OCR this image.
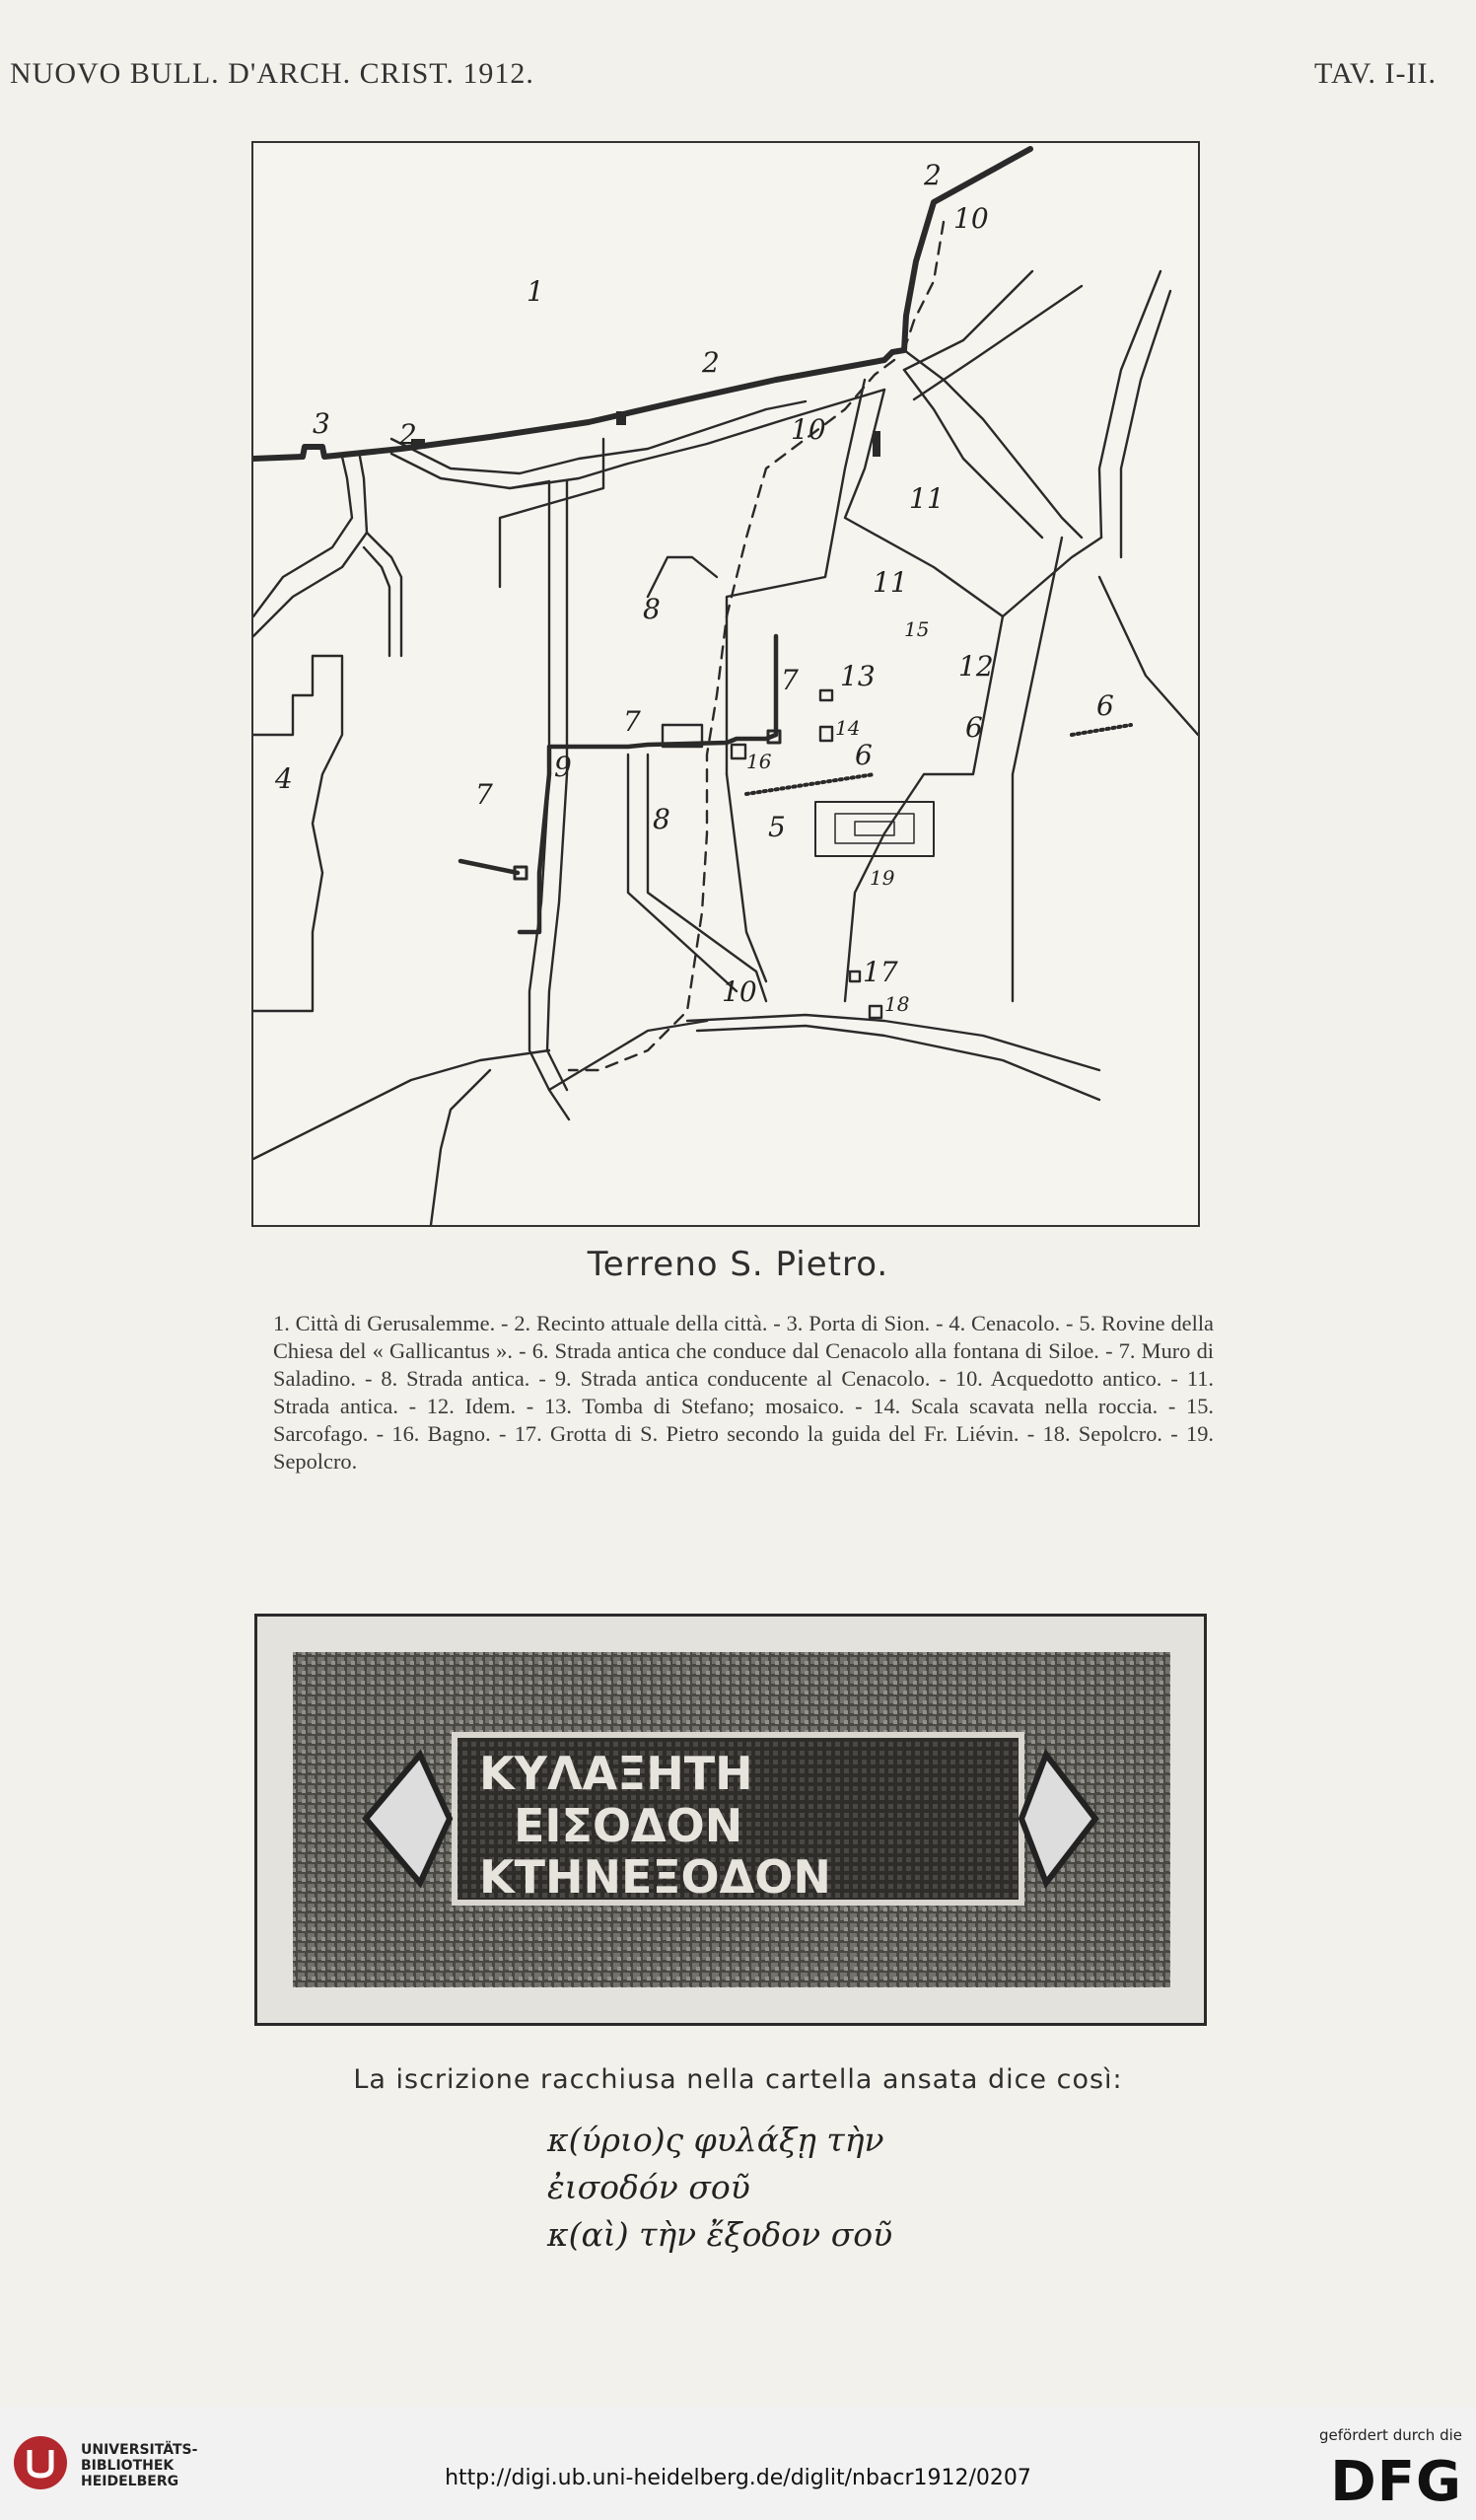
NUOVO BULL. D'ARCH. CRIST. 1912.	TAV. I-II.
1
2
2
2
3
4
5
6
6
6
7
7
7
8
8
9
10
10
10
11
11
12
13
14
15
16
17
18
19
Terreno S. Pietro.
1. Città di Gerusalemme. - 2. Recinto attuale della città. - 3. Porta di Sion. - 4. Cenacolo. - 5. Rovine della Chiesa del « Gallicantus ». - 6. Strada antica che conduce dal Cenacolo alla fontana di Siloe. - 7. Muro di Saladino. - 8. Strada antica. - 9. Strada antica conducente al Cenacolo. - 10. Acquedotto antico. - 11. Strada antica. - 12. Idem. - 13. Tomba di Stefano; mosaico. - 14. Scala scavata nella roccia. - 15. Sarcofago. - 16. Bagno. - 17. Grotta di S. Pietro secondo la guida del Fr. Liévin. - 18. Sepolcro. - 19. Sepolcro.
ΚΥΛΑΞΗΤΗ
ΕΙΣΟΔΟΝ
ΚΤΗΝΕΞΟΔΟΝ
La iscrizione racchiusa nella cartella ansata dice così:
κ(ύριο)ς φυλάξῃ τὴν
ἐισοδόν σοῦ
κ(αὶ) τὴν ἔξοδον σοῦ
UNIVERSITÄTS-
BIBLIOTHEK
HEIDELBERG	http://digi.ub.uni-heidelberg.de/diglit/nbacr1912/0207
gefördert durch die
DFG
